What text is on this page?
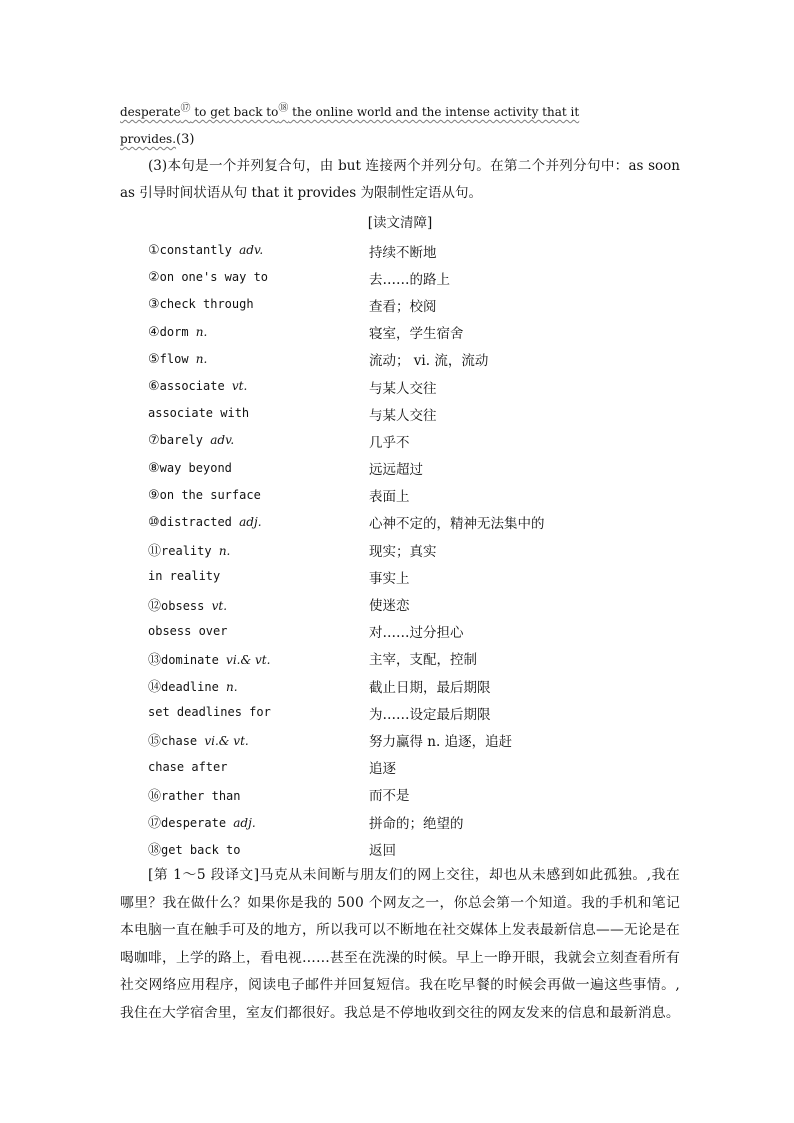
desperate⑰ to get back to⑱ the online world and the intense activity that it
provides.(3)

(3)本句是一个并列复合句，由 but 连接两个并列分句。在第二个并列分句中：as soon as 引导时间状语从句 that it provides 为限制性定语从句。

[读文清障]
①constantly adv.	持续不断地
②on one's way to	去……的路上
③check through	查看；校阅
④dorm n.	寝室，学生宿舍
⑤flow n.	流动； vi. 流，流动
⑥associate vt.	与某人交往
associate with	与某人交往
⑦barely adv.	几乎不
⑧way beyond	远远超过
⑨on the surface	表面上
⑩distracted adj.	心神不定的，精神无法集中的
⑪reality n.	现实；真实
in reality	事实上
⑫obsess vt.	使迷恋
obsess over	对……过分担心
⑬dominate vi.& vt.	主宰，支配，控制
⑭deadline n.	截止日期，最后期限
set deadlines for	为……设定最后期限
⑮chase vi.& vt.	努力赢得 n. 追逐，追赶
chase after	追逐
⑯rather than	而不是
⑰desperate adj.	拼命的；绝望的
⑱get back to	返回

[第 1～5 段译文]马克从未间断与朋友们的网上交往，却也从未感到如此孤独。,我在哪里？我在做什么？如果你是我的 500 个网友之一，你总会第一个知道。我的手机和笔记本电脑一直在触手可及的地方，所以我可以不断地在社交媒体上发表最新信息——无论是在喝咖啡，上学的路上，看电视……甚至在洗澡的时候。早上一睁开眼，我就会立刻查看所有社交网络应用程序，阅读电子邮件并回复短信。我在吃早餐的时候会再做一遍这些事情。,我住在大学宿舍里，室友们都很好。我总是不停地收到交往的网友发来的信息和最新消息。
